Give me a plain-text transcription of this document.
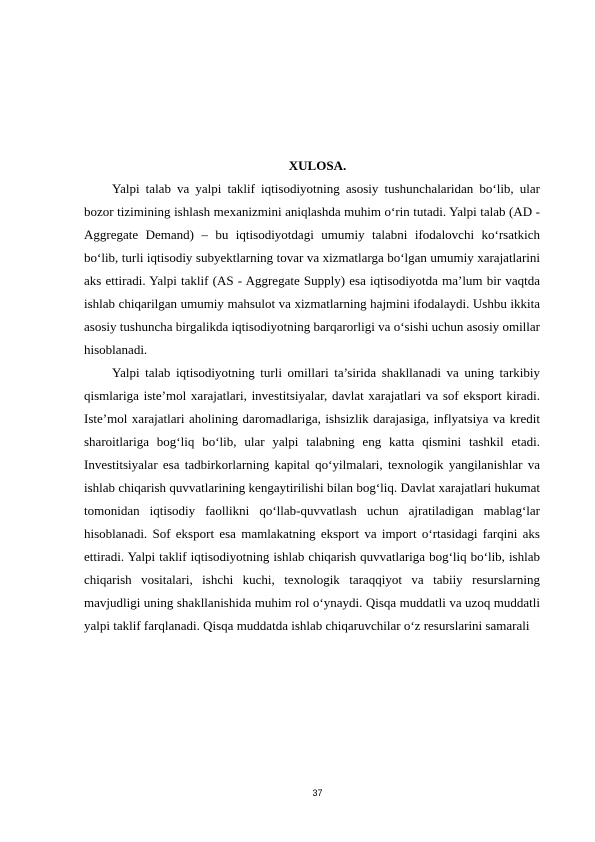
XULOSA.

Yalpi talab va yalpi taklif iqtisodiyotning asosiy tushunchalaridan bo‘lib, ular bozor tizimining ishlash mexanizmini aniqlashda muhim o‘rin tutadi. Yalpi talab (AD - Aggregate Demand) – bu iqtisodiyotdagi umumiy talabni ifodalovchi ko‘rsatkich bo‘lib, turli iqtisodiy subyektlarning tovar va xizmatlarga bo‘lgan umumiy xarajatlarini aks ettiradi. Yalpi taklif (AS - Aggregate Supply) esa iqtisodiyotda ma’lum bir vaqtda ishlab chiqarilgan umumiy mahsulot va xizmatlarning hajmini ifodalaydi. Ushbu ikkita asosiy tushuncha birgalikda iqtisodiyotning barqarorligi va o‘sishi uchun asosiy omillar hisoblanadi.

Yalpi talab iqtisodiyotning turli omillari ta’sirida shakllanadi va uning tarkibiy qismlariga iste’mol xarajatlari, investitsiyalar, davlat xarajatlari va sof eksport kiradi. Iste’mol xarajatlari aholining daromadlariga, ishsizlik darajasiga, inflyatsiya va kredit sharoitlariga bog‘liq bo‘lib, ular yalpi talabning eng katta qismini tashkil etadi. Investitsiyalar esa tadbirkorlarning kapital qo‘yilmalari, texnologik yangilanishlar va ishlab chiqarish quvvatlarining kengaytirilishi bilan bog‘liq. Davlat xarajatlari hukumat tomonidan iqtisodiy faollikni qo‘llab-quvvatlash uchun ajratiladigan mablag‘lar hisoblanadi. Sof eksport esa mamlakatning eksport va import o‘rtasidagi farqini aks ettiradi. Yalpi taklif iqtisodiyotning ishlab chiqarish quvvatlariga bog‘liq bo‘lib, ishlab chiqarish vositalari, ishchi kuchi, texnologik taraqqiyot va tabiiy resurslarning mavjudligi uning shakllanishida muhim rol o‘ynaydi. Qisqa muddatli va uzoq muddatli yalpi taklif farqlanadi. Qisqa muddatda ishlab chiqaruvchilar o‘z resurslarini samarali

37
